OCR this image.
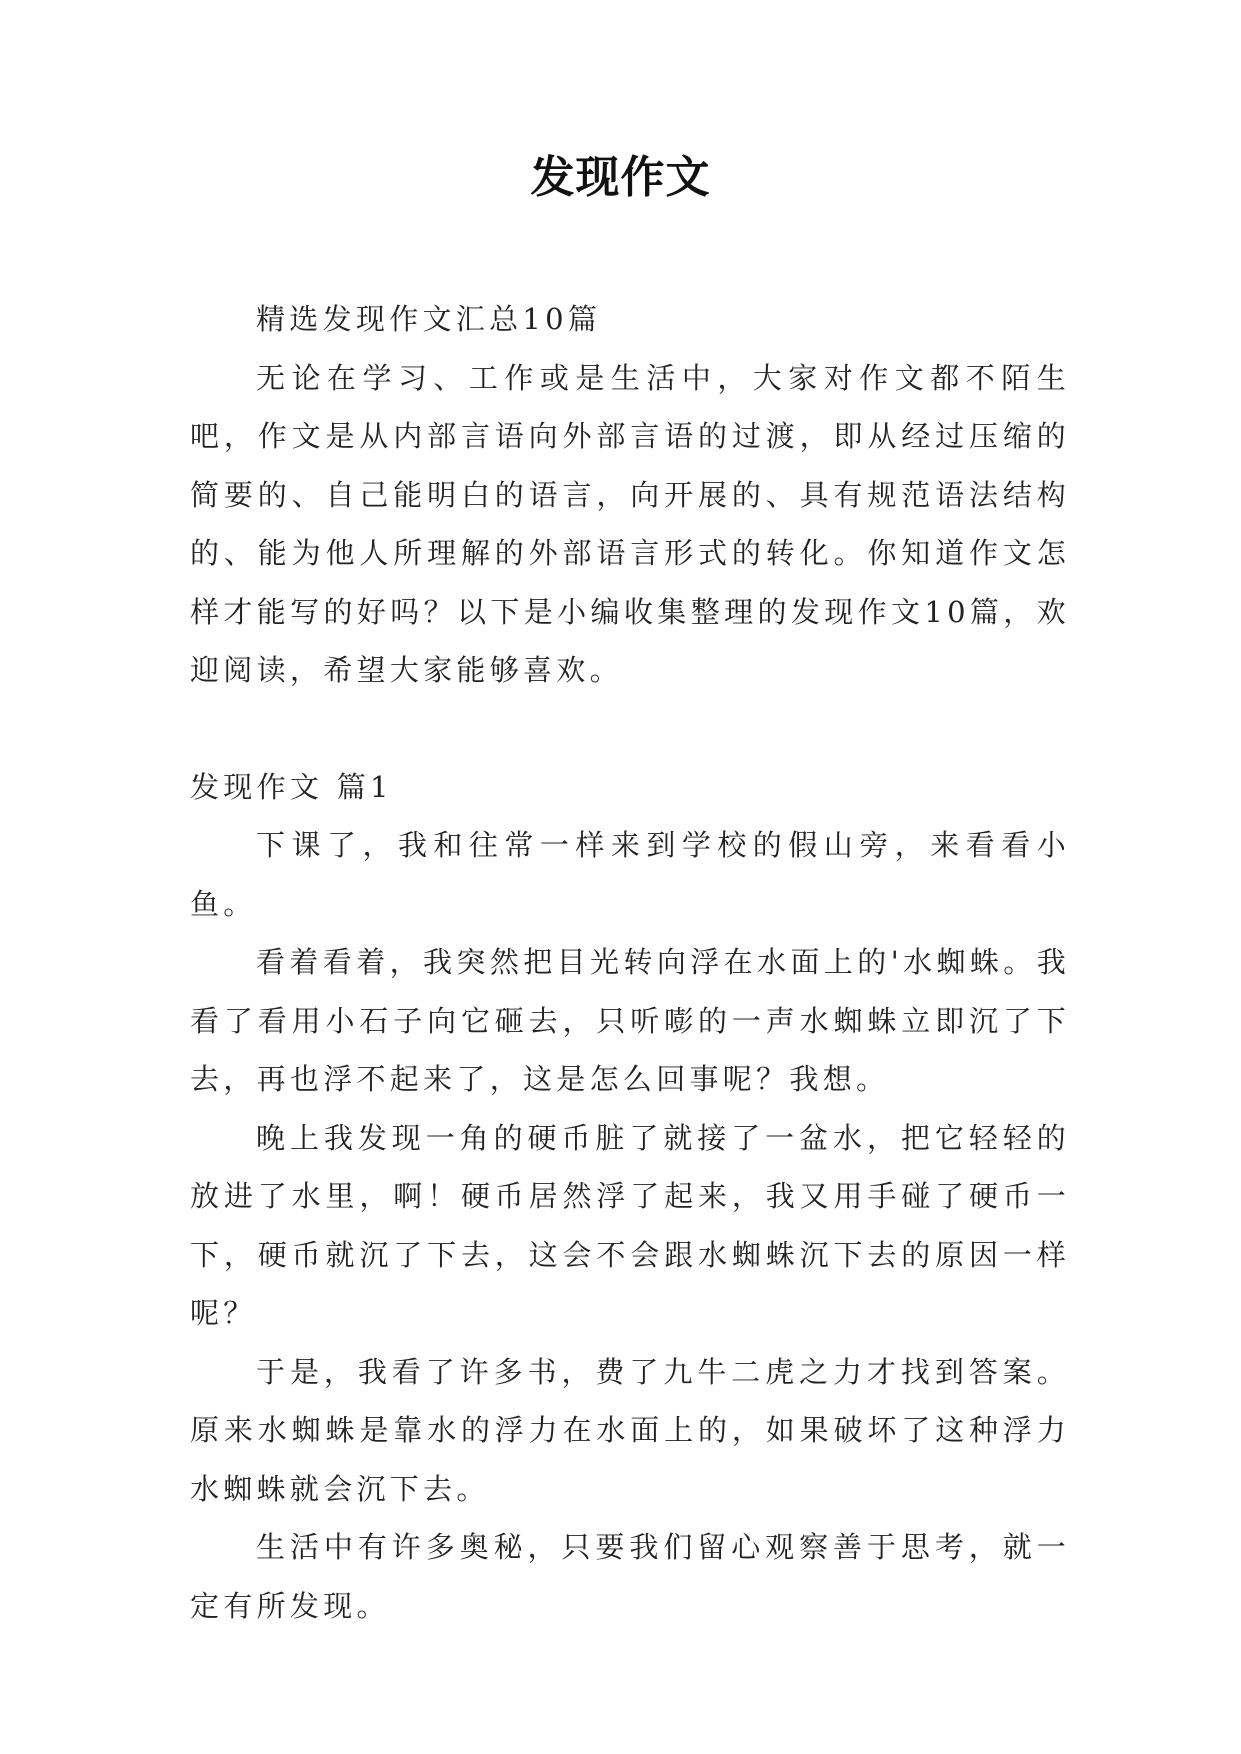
发现作文

精选发现作文汇总10篇

无论在学习、工作或是生活中，大家对作文都不陌生吧，作文是从内部言语向外部言语的过渡，即从经过压缩的简要的、自己能明白的语言，向开展的、具有规范语法结构的、能为他人所理解的外部语言形式的转化。你知道作文怎样才能写的好吗？以下是小编收集整理的发现作文10篇，欢迎阅读，希望大家能够喜欢。

发现作文 篇1

下课了，我和往常一样来到学校的假山旁，来看看小鱼。

看着看着，我突然把目光转向浮在水面上的'水蜘蛛。我看了看用小石子向它砸去，只听嘭的一声水蜘蛛立即沉了下去，再也浮不起来了，这是怎么回事呢？我想。

晚上我发现一角的硬币脏了就接了一盆水，把它轻轻的放进了水里，啊！硬币居然浮了起来，我又用手碰了硬币一下，硬币就沉了下去，这会不会跟水蜘蛛沉下去的原因一样呢？

于是，我看了许多书，费了九牛二虎之力才找到答案。原来水蜘蛛是靠水的浮力在水面上的，如果破坏了这种浮力水蜘蛛就会沉下去。

生活中有许多奥秘，只要我们留心观察善于思考，就一定有所发现。
